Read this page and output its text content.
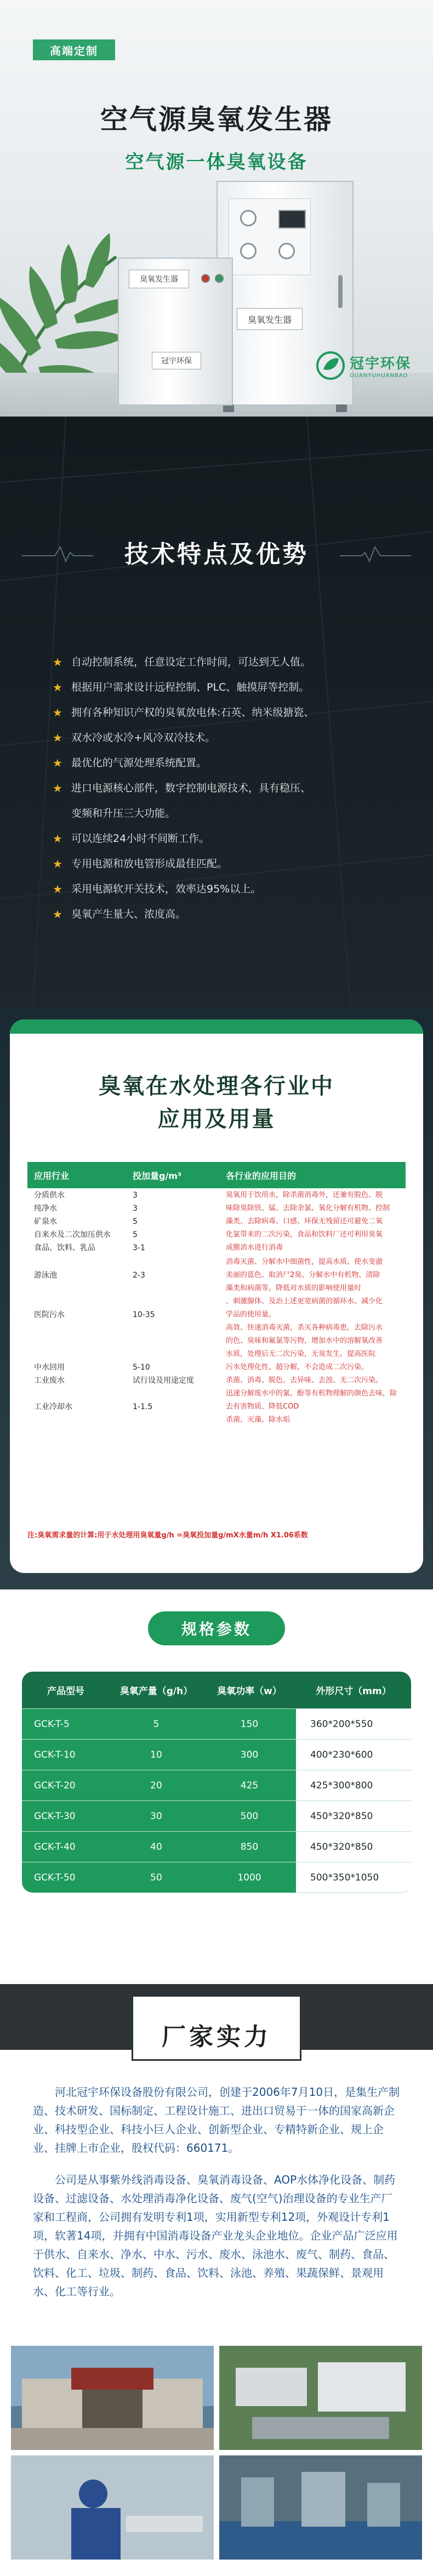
高端定制
空气源臭氧发生器
空气源一体臭氧设备
臭氧发生器
臭氧发生器
冠宇环保	冠宇环保
GUANYUHUANBAO
技术特点及优势
★ 自动控制系统，任意设定工作时间，可达到无人值。
★ 根据用户需求设计远程控制、PLC、触摸屏等控制。
★ 拥有各种知识产权的臭氧放电体:石英、纳米级搪瓷、
★ 双水冷或水冷+风冷双冷技术。
★ 最优化的气源处理系统配置。
★ 进口电源核心部件，数字控制电源技术，具有稳压、
变频和升压三大功能。
★ 可以连续24小时不间断工作。
★ 专用电源和放电管形成最佳匹配。
★ 采用电源软开关技术，效率达95%以上。
★ 臭氧产生量大、浓度高。
臭氧在水处理各行业中
应用及用量
应用行业	投加量g/m³	各行业的应用目的
分质供水	3	臭氧用于饮用水，除杀菌消毒外，还兼有脱色、脱
纯净水	3	味除臭除铁、锰、去除余氯、氧化分解有机物、控制
矿泉水	5	藻类、去除病毒、口感、环保无残留还可避免二氧
自来水及二次加压供水	5	化氯带来的二次污染，食品和饮料厂还可利用臭氧
食品、饮料、乳品	3-1	成膜消水进行消毒

		消毒灭菌、分解水中细菌性，提高水质、使水变澈
游泳池	2-3	美丽的蓝色、取消尸2臭、分解水中有机物、清除
		藻类和病菌等。降低对水质的影响使用量时
		、刺激腺体、及治上述更宽病菌的循环水、减少化
医院污水	10-35	学品的使用量。
		高效、快速消毒灭菌，杀灭各种病毒患，去除污水
		的色、臭味和氟氯等污物，增加水中的溶解氧改善
		水质，处理后无二次污染，无臭发生。提高医院
中水回用	5-10	污水处理化性、超分解，不会造成二次污染。
工业废水	试行设及用途定度	杀菌、消毒、脱色、去异味、去浊、无二次污染。
		迅速分解废水中的氰、酚等有机物理解的颜色去味，除
工业冷却水	1-1.5	去有害物质、降低COD
		杀菌、灭藻、除水垢
注:臭氧需求量的计算:用于水处理用臭氧量g/h =臭氧投加量g/mX水量m/h X1.06系数
规格参数
产品型号	臭氧产量（g/h）	臭氧功率（w）	外形尺寸（mm）
GCK-T-5	5	150	360*200*550
GCK-T-10	10	300	400*230*600
GCK-T-20	20	425	425*300*800
GCK-T-30	30	500	450*320*850
GCK-T-40	40	850	450*320*850
GCK-T-50	50	1000	500*350*1050
厂家实力

河北冠宇环保设备股份有限公司，创建于2006年7月10日，是集生产制造、技术研发、国标制定、工程设计施工、进出口贸易于一体的国家高新企业、科技型企业、科技小巨人企业、创新型企业、专精特新企业、规上企业、挂牌上市企业，股权代码：660171。

公司是从事紫外线消毒设备、臭氧消毒设备、AOP水体净化设备、制药设备、过滤设备、水处理消毒净化设备、废气(空气)治理设备的专业生产厂家和工程商，公司拥有发明专利1项，实用新型专利12项，外观设计专利1项，软著14项，并拥有中国消毒设备产业龙头企业地位。企业产品广泛应用于供水、自来水、净水、中水、污水、废水、泳池水、废气、制药、食品、饮料、化工、垃圾、制药、食品、饮料、泳池、养殖、果蔬保鲜、景观用水、化工等行业。
